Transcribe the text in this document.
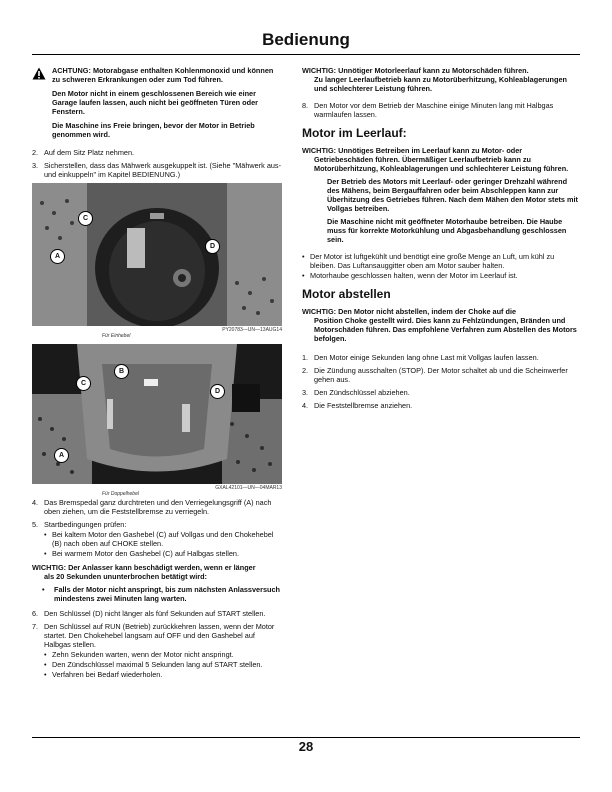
Bedienung

ACHTUNG: Motorabgase enthalten Kohlenmonoxid und können zu schweren Erkrankungen oder zum Tod führen.

Den Motor nicht in einem geschlossenen Bereich wie einer Garage laufen lassen, auch nicht bei geöffneten Türen oder Fenstern.

Die Maschine ins Freie bringen, bevor der Motor in Betrieb genommen wird.

2. Auf dem Sitz Platz nehmen.
3. Sicherstellen, dass das Mähwerk ausgekuppelt ist. (Siehe "Mähwerk aus- und einkuppeln" im Kapitel BEDIENUNG.)
C
A
D
PY20783—UN—13AUG14
Für Einhebel
C
B
D
A
GXAL42101—UN—04MAR13
Für Doppelhebel
4. Das Bremspedal ganz durchtreten und den Verriegelungsgriff (A) nach oben ziehen, um die Feststellbremse zu verriegeln.
5. Startbedingungen prüfen:
• Bei kaltem Motor den Gashebel (C) auf Vollgas und den Chokehebel (B) nach oben auf CHOKE stellen.
• Bei warmem Motor den Gashebel (C) auf Halbgas stellen.
WICHTIG: Der Anlasser kann beschädigt werden, wenn er länger
als 20 Sekunden ununterbrochen betätigt wird:
•	Falls der Motor nicht anspringt, bis zum nächsten Anlassversuch mindestens zwei Minuten lang warten.
6. Den Schlüssel (D) nicht länger als fünf Sekunden auf START stellen.
7. Den Schlüssel auf RUN (Betrieb) zurückkehren lassen, wenn der Motor startet. Den Chokehebel langsam auf OFF und den Gashebel auf Halbgas stellen.
• Zehn Sekunden warten, wenn der Motor nicht anspringt.
• Den Zündschlüssel maximal 5 Sekunden lang auf START stellen.
• Verfahren bei Bedarf wiederholen.
WICHTIG: Unnötiger Motorleerlauf kann zu Motorschäden führen.
Zu langer Leerlaufbetrieb kann zu Motorüberhitzung, Kohleablagerungen und schlechterer Leistung führen.
8. Den Motor vor dem Betrieb der Maschine einige Minuten lang mit Halbgas warmlaufen lassen.
Motor im Leerlauf:
WICHTIG: Unnötiges Betreiben im Leerlauf kann zu Motor- oder
Getriebeschäden führen. Übermäßiger Leerlaufbetrieb kann zu Motorüberhitzung, Kohleablagerungen und schlechterer Leistung führen.

Der Betrieb des Motors mit Leerlauf- oder geringer Drehzahl während des Mähens, beim Bergauffahren oder beim Abschleppen kann zur Überhitzung des Getriebes führen. Nach dem Mähen den Motor stets mit Vollgas betreiben.

Die Maschine nicht mit geöffneter Motorhaube betreiben. Die Haube muss für korrekte Motorkühlung und Abgasbehandlung geschlossen sein.

• Der Motor ist luftgekühlt und benötigt eine große Menge an Luft, um kühl zu bleiben. Das Luftansauggitter oben am Motor sauber halten.
• Motorhaube geschlossen halten, wenn der Motor im Leerlauf ist.
Motor abstellen
WICHTIG: Den Motor nicht abstellen, indem der Choke auf die
Position Choke gestellt wird. Dies kann zu Fehlzündungen, Bränden und Motorschäden führen. Das empfohlene Verfahren zum Abstellen des Motors befolgen.
1. Den Motor einige Sekunden lang ohne Last mit Vollgas laufen lassen.
2. Die Zündung ausschalten (STOP). Der Motor schaltet ab und die Scheinwerfer gehen aus.
3. Den Zündschlüssel abziehen.
4. Die Feststellbremse anziehen.
28
